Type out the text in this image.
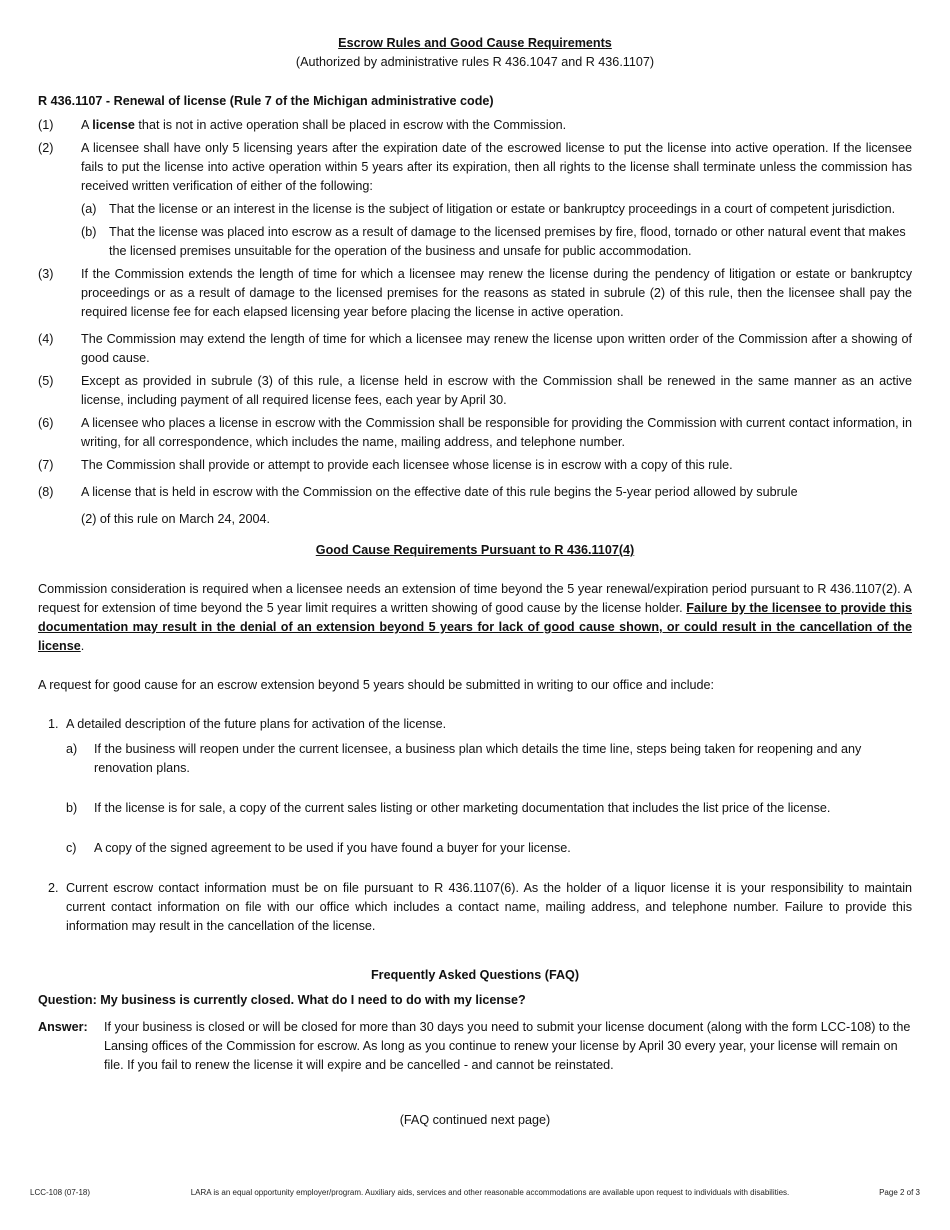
Escrow Rules and Good Cause Requirements
(Authorized by administrative rules R 436.1047 and R 436.1107)
R 436.1107 - Renewal of license (Rule 7 of the Michigan administrative code)
(1)	A license that is not in active operation shall be placed in escrow with the Commission.
(2)	A licensee shall have only 5 licensing years after the expiration date of the escrowed license to put the license into active operation. If the licensee fails to put the license into active operation within 5 years after its expiration, then all rights to the license shall terminate unless the commission has received written verification of either of the following:
(a) That the license or an interest in the license is the subject of litigation or estate or bankruptcy proceedings in a court of competent jurisdiction.
(b) That the license was placed into escrow as a result of damage to the licensed premises by fire, flood, tornado or other natural event that makes the licensed premises unsuitable for the operation of the business and unsafe for public accommodation.
(3)	If the Commission extends the length of time for which a licensee may renew the license during the pendency of litigation or estate or bankruptcy proceedings or as a result of damage to the licensed premises for the reasons as stated in subrule (2) of this rule, then the licensee shall pay the required license fee for each elapsed licensing year before placing the license in active operation.
(4)	The Commission may extend the length of time for which a licensee may renew the license upon written order of the Commission after a showing of good cause.
(5)	Except as provided in subrule (3) of this rule, a license held in escrow with the Commission shall be renewed in the same manner as an active license, including payment of all required license fees, each year by April 30.
(6)	A licensee who places a license in escrow with the Commission shall be responsible for providing the Commission with current contact information, in writing, for all correspondence, which includes the name, mailing address, and telephone number.
(7)	The Commission shall provide or attempt to provide each licensee whose license is in escrow with a copy of this rule.
(8)	A license that is held in escrow with the Commission on the effective date of this rule begins the 5-year period allowed by subrule
(2) of this rule on March 24, 2004.
Good Cause Requirements Pursuant to R 436.1107(4)
Commission consideration is required when a licensee needs an extension of time beyond the 5 year renewal/expiration period pursuant to R 436.1107(2). A request for extension of time beyond the 5 year limit requires a written showing of good cause by the license holder. Failure by the licensee to provide this documentation may result in the denial of an extension beyond 5 years for lack of good cause shown, or could result in the cancellation of the license.
A request for good cause for an escrow extension beyond 5 years should be submitted in writing to our office and include:
1. A detailed description of the future plans for activation of the license.
a)	If the business will reopen under the current licensee, a business plan which details the time line, steps being taken for reopening and any renovation plans.
b)	If the license is for sale, a copy of the current sales listing or other marketing documentation that includes the list price of the license.
c)	A copy of the signed agreement to be used if you have found a buyer for your license.
2. Current escrow contact information must be on file pursuant to R 436.1107(6). As the holder of a liquor license it is your responsibility to maintain current contact information on file with our office which includes a contact name, mailing address, and telephone number. Failure to provide this information may result in the cancellation of the license.
Frequently Asked Questions (FAQ)
Question: My business is currently closed. What do I need to do with my license?
Answer:	If your business is closed or will be closed for more than 30 days you need to submit your license document (along with the form LCC-108) to the Lansing offices of the Commission for escrow. As long as you continue to renew your license by April 30 every year, your license will remain on file. If you fail to renew the license it will expire and be cancelled - and cannot be reinstated.
(FAQ continued next page)
LCC-108 (07-18)	LARA is an equal opportunity employer/program. Auxiliary aids, services and other reasonable accommodations are available upon request to individuals with disabilities.	Page 2 of 3
